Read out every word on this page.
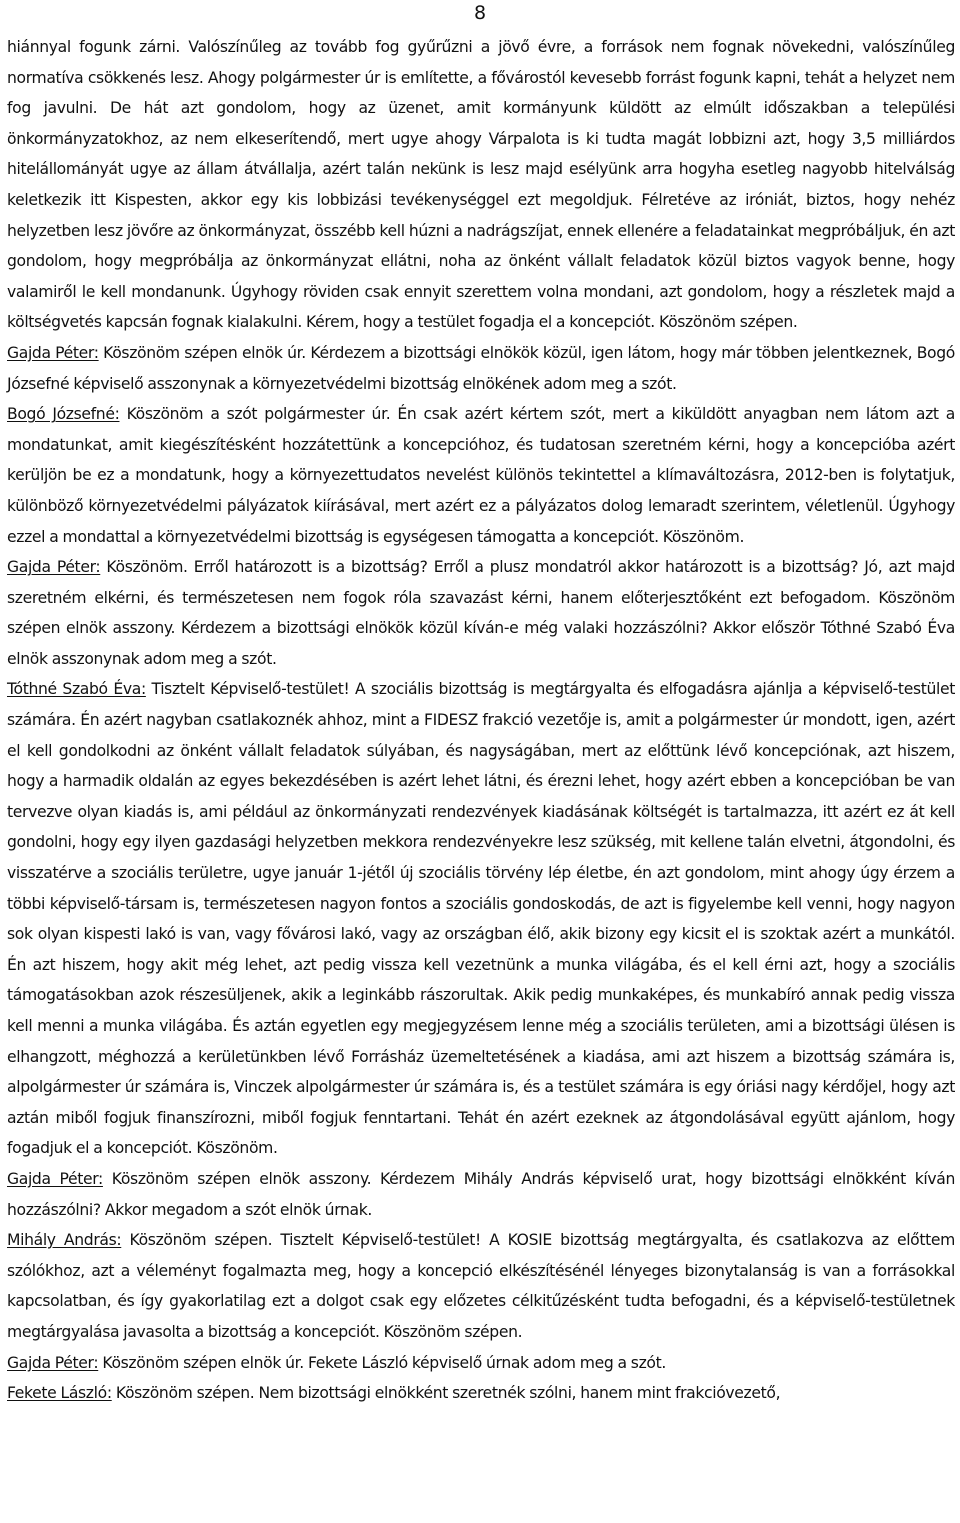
8

hiánnyal fogunk zárni. Valószínűleg az tovább fog gyűrűzni a jövő évre, a források nem fognak növekedni, valószínűleg normatíva csökkenés lesz. Ahogy polgármester úr is említette, a fővárostól kevesebb forrást fogunk kapni, tehát a helyzet nem fog javulni. De hát azt gondolom, hogy az üzenet, amit kormányunk küldött az elmúlt időszakban a települési önkormányzatokhoz, az nem elkeserítendő, mert ugye ahogy Várpalota is ki tudta magát lobbizni azt, hogy 3,5 milliárdos hitelállományát ugye az állam átvállalja, azért talán nekünk is lesz majd esélyünk arra hogyha esetleg nagyobb hitelválság keletkezik itt Kispesten, akkor egy kis lobbizási tevékenységgel ezt megoldjuk. Félretéve az iróniát, biztos, hogy nehéz helyzetben lesz jövőre az önkormányzat, összébb kell húzni a nadrágszíjat, ennek ellenére a feladatainkat megpróbáljuk, én azt gondolom, hogy megpróbálja az önkormányzat ellátni, noha az önként vállalt feladatok közül biztos vagyok benne, hogy valamiről le kell mondanunk. Úgyhogy röviden csak ennyit szerettem volna mondani, azt gondolom, hogy a részletek majd a költségvetés kapcsán fognak kialakulni. Kérem, hogy a testület fogadja el a koncepciót. Köszönöm szépen.

Gajda Péter: Köszönöm szépen elnök úr. Kérdezem a bizottsági elnökök közül, igen látom, hogy már többen jelentkeznek, Bogó Józsefné képviselő asszonynak a környezetvédelmi bizottság elnökének adom meg a szót.

Bogó Józsefné: Köszönöm a szót polgármester úr. Én csak azért kértem szót, mert a kiküldött anyagban nem látom azt a mondatunkat, amit kiegészítésként hozzátettünk a koncepcióhoz, és tudatosan szeretném kérni, hogy a koncepcióba azért kerüljön be ez a mondatunk, hogy a környezettudatos nevelést különös tekintettel a klímaváltozásra, 2012-ben is folytatjuk, különböző környezetvédelmi pályázatok kiírásával, mert azért ez a pályázatos dolog lemaradt szerintem, véletlenül. Úgyhogy ezzel a mondattal a környezetvédelmi bizottság is egységesen támogatta a koncepciót. Köszönöm.

Gajda Péter: Köszönöm. Erről határozott is a bizottság? Erről a plusz mondatról akkor határozott is a bizottság? Jó, azt majd szeretném elkérni, és természetesen nem fogok róla szavazást kérni, hanem előterjesztőként ezt befogadom. Köszönöm szépen elnök asszony. Kérdezem a bizottsági elnökök közül kíván-e még valaki hozzászólni? Akkor először Tóthné Szabó Éva elnök asszonynak adom meg a szót.

Tóthné Szabó Éva: Tisztelt Képviselő-testület! A szociális bizottság is megtárgyalta és elfogadásra ajánlja a képviselő-testület számára. Én azért nagyban csatlakoznék ahhoz, mint a FIDESZ frakció vezetője is, amit a polgármester úr mondott, igen, azért el kell gondolkodni az önként vállalt feladatok súlyában, és nagyságában, mert az előttünk lévő koncepciónak, azt hiszem, hogy a harmadik oldalán az egyes bekezdésében is azért lehet látni, és érezni lehet, hogy azért ebben a koncepcióban be van tervezve olyan kiadás is, ami például az önkormányzati rendezvények kiadásának költségét is tartalmazza, itt azért ez át kell gondolni, hogy egy ilyen gazdasági helyzetben mekkora rendezvényekre lesz szükség, mit kellene talán elvetni, átgondolni, és visszatérve a szociális területre, ugye január 1-jétől új szociális törvény lép életbe, én azt gondolom, mint ahogy úgy érzem a többi képviselő-társam is, természetesen nagyon fontos a szociális gondoskodás, de azt is figyelembe kell venni, hogy nagyon sok olyan kispesti lakó is van, vagy fővárosi lakó, vagy az országban élő, akik bizony egy kicsit el is szoktak azért a munkától. Én azt hiszem, hogy akit még lehet, azt pedig vissza kell vezetnünk a munka világába, és el kell érni azt, hogy a szociális támogatásokban azok részesüljenek, akik a leginkább rászorultak. Akik pedig munkaképes, és munkabíró annak pedig vissza kell menni a munka világába. És aztán egyetlen egy megjegyzésem lenne még a szociális területen, ami a bizottsági ülésen is elhangzott, méghozzá a kerületünkben lévő Forrásház üzemeltetésének a kiadása, ami azt hiszem a bizottság számára is, alpolgármester úr számára is, Vinczek alpolgármester úr számára is, és a testület számára is egy óriási nagy kérdőjel, hogy azt aztán miből fogjuk finanszírozni, miből fogjuk fenntartani. Tehát én azért ezeknek az átgondolásával együtt ajánlom, hogy fogadjuk el a koncepciót. Köszönöm.

Gajda Péter: Köszönöm szépen elnök asszony. Kérdezem Mihály András képviselő urat, hogy bizottsági elnökként kíván hozzászólni? Akkor megadom a szót elnök úrnak.

Mihály András: Köszönöm szépen. Tisztelt Képviselő-testület! A KOSIE bizottság megtárgyalta, és csatlakozva az előttem szólókhoz, azt a véleményt fogalmazta meg, hogy a koncepció elkészítésénél lényeges bizonytalanság is van a forrásokkal kapcsolatban, és így gyakorlatilag ezt a dolgot csak egy előzetes célkitűzésként tudta befogadni, és a képviselő-testületnek megtárgyalása javasolta a bizottság a koncepciót. Köszönöm szépen.

Gajda Péter: Köszönöm szépen elnök úr. Fekete László képviselő úrnak adom meg a szót.

Fekete László: Köszönöm szépen. Nem bizottsági elnökként szeretnék szólni, hanem mint frakcióvezető,
